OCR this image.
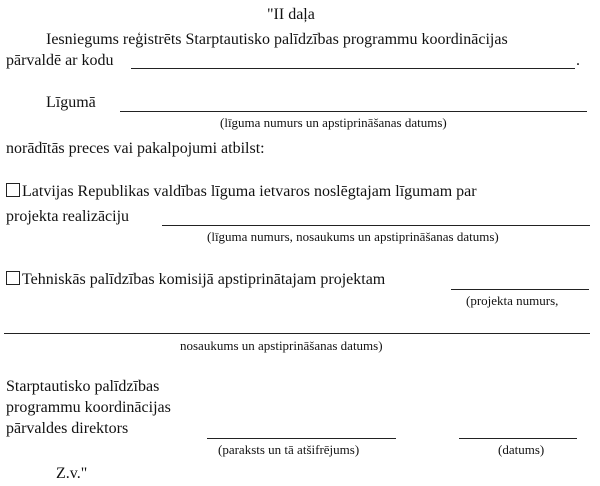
"II daļa
Iesniegums reģistrēts Starptautisko palīdzības programmu koordinācijas
pārvaldē ar kodu	.
Līgumā
(līguma numurs un apstiprināšanas datums)
norādītās preces vai pakalpojumi atbilst:
Latvijas Republikas valdības līguma ietvaros noslēgtajam līgumam par
projekta realizāciju
(līguma numurs, nosaukums un apstiprināšanas datums)
Tehniskās palīdzības komisijā apstiprinātajam projektam
(projekta numurs,
nosaukums un apstiprināšanas datums)
Starptautisko palīdzības
programmu koordinācijas
pārvaldes direktors
(paraksts un tā atšifrējums)	(datums)
Z.v."
